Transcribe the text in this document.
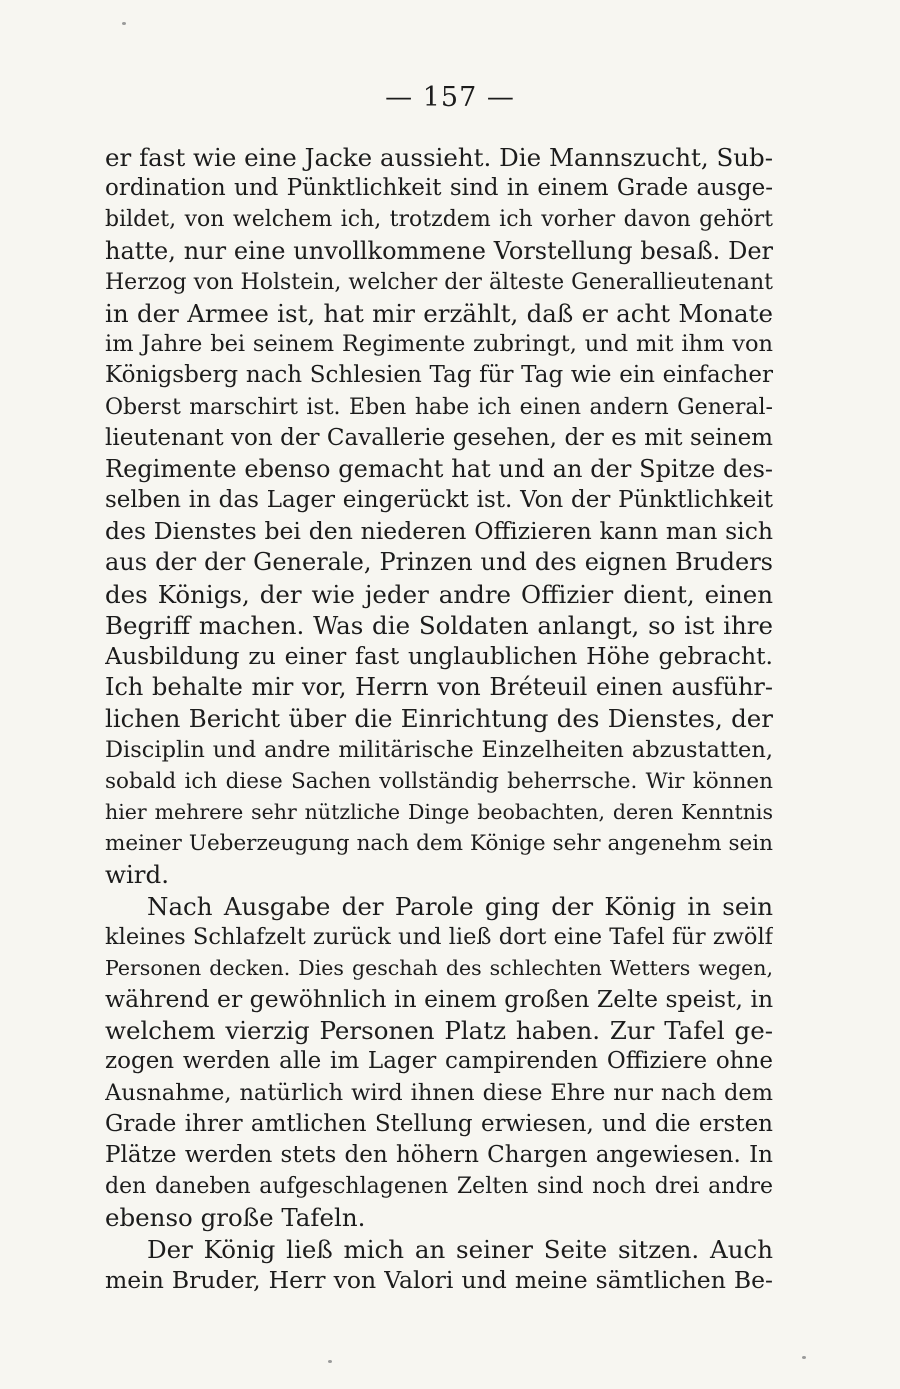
— 157 —
er fast wie eine Jacke aussieht. Die Mannszucht, Sub-
ordination und Pünktlichkeit sind in einem Grade ausge-
bildet, von welchem ich, trotzdem ich vorher davon gehört
hatte, nur eine unvollkommene Vorstellung besaß. Der
Herzog von Holstein, welcher der älteste Generallieutenant
in der Armee ist, hat mir erzählt, daß er acht Monate
im Jahre bei seinem Regimente zubringt, und mit ihm von
Königsberg nach Schlesien Tag für Tag wie ein einfacher
Oberst marschirt ist. Eben habe ich einen andern General-
lieutenant von der Cavallerie gesehen, der es mit seinem
Regimente ebenso gemacht hat und an der Spitze des-
selben in das Lager eingerückt ist. Von der Pünktlichkeit
des Dienstes bei den niederen Offizieren kann man sich
aus der der Generale, Prinzen und des eignen Bruders
des Königs, der wie jeder andre Offizier dient, einen
Begriff machen. Was die Soldaten anlangt, so ist ihre
Ausbildung zu einer fast unglaublichen Höhe gebracht.
Ich behalte mir vor, Herrn von Bréteuil einen ausführ-
lichen Bericht über die Einrichtung des Dienstes, der
Disciplin und andre militärische Einzelheiten abzustatten,
sobald ich diese Sachen vollständig beherrsche. Wir können
hier mehrere sehr nützliche Dinge beobachten, deren Kenntnis
meiner Ueberzeugung nach dem Könige sehr angenehm sein
wird.
Nach Ausgabe der Parole ging der König in sein
kleines Schlafzelt zurück und ließ dort eine Tafel für zwölf
Personen decken. Dies geschah des schlechten Wetters wegen,
während er gewöhnlich in einem großen Zelte speist, in
welchem vierzig Personen Platz haben. Zur Tafel ge-
zogen werden alle im Lager campirenden Offiziere ohne
Ausnahme, natürlich wird ihnen diese Ehre nur nach dem
Grade ihrer amtlichen Stellung erwiesen, und die ersten
Plätze werden stets den höhern Chargen angewiesen. In
den daneben aufgeschlagenen Zelten sind noch drei andre
ebenso große Tafeln.
Der König ließ mich an seiner Seite sitzen. Auch
mein Bruder, Herr von Valori und meine sämtlichen Be-
